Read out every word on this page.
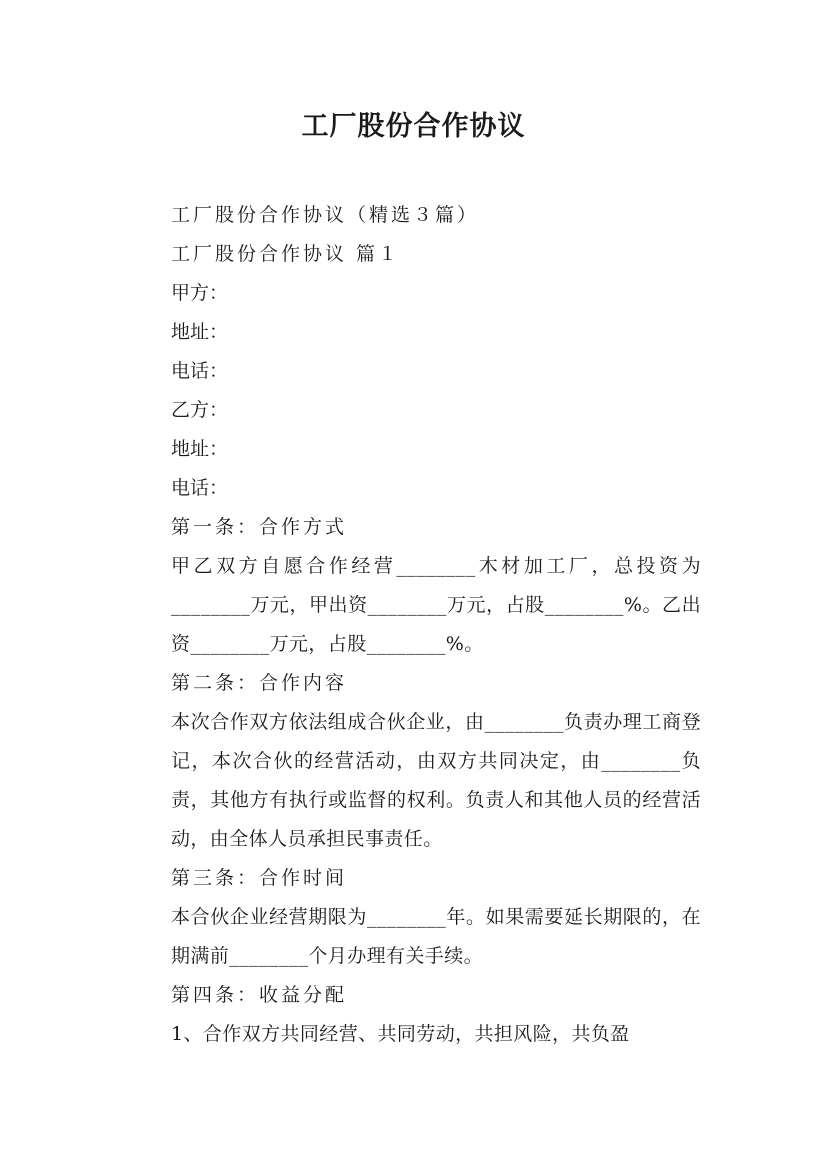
工厂股份合作协议

工厂股份合作协议（精选３篇）

工厂股份合作协议 篇１

甲方：

地址：

电话：

乙方：

地址：

电话：

第一条：合作方式

甲乙双方自愿合作经营________木材加工厂，总投资为________万元，甲出资________万元，占股________%。乙出资________万元，占股________%。

第二条：合作内容

本次合作双方依法组成合伙企业，由________负责办理工商登记，本次合伙的经营活动，由双方共同决定，由________负责，其他方有执行或监督的权利。负责人和其他人员的经营活动，由全体人员承担民事责任。

第三条：合作时间

本合伙企业经营期限为________年。如果需要延长期限的，在期满前________个月办理有关手续。

第四条：收益分配

1、合作双方共同经营、共同劳动，共担风险，共负盈
